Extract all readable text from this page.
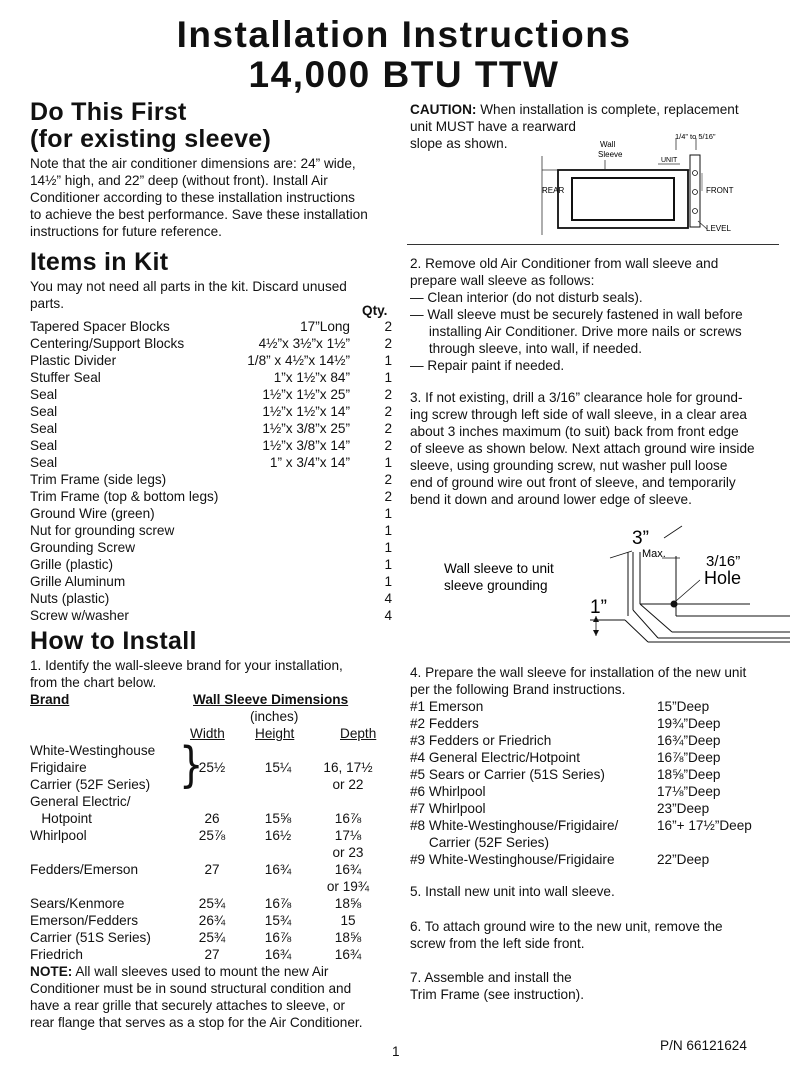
Installation Instructions
14,000 BTU TTW
Do This First
(for existing sleeve)
Note that the air conditioner dimensions are: 24” wide,
14½” high, and 22” deep (without front). Install Air
Conditioner according to these installation instructions
to achieve the best performance. Save these installation
instructions for future reference.
Items in Kit
You may not need all parts in the kit. Discard unused
parts.	Qty.
Tapered Spacer Blocks	17”Long	2
Centering/Support Blocks	4½”x 3½”x 1½”	2
Plastic Divider	1/8” x 4½”x 14½”	1
Stuffer Seal	1”x 1½”x 84”	1
Seal	1½”x 1½”x 25”	2
Seal	1½”x 1½”x 14”	2
Seal	1½”x 3/8”x 25”	2
Seal	1½”x 3/8”x 14”	2
Seal	1” x 3/4”x 14”	1
Trim Frame (side legs)	2
Trim Frame (top & bottom legs)	2
Ground Wire (green)	1
Nut for grounding screw	1
Grounding Screw	1
Grille (plastic)	1
Grille Aluminum	1
Nuts (plastic)	4
Screw w/washer	4
How to Install
1. Identify the wall-sleeve brand for your installation,
from the chart below.
Brand	Wall Sleeve Dimensions
(inches)
Width Height	Depth
White-Westinghouse
Frigidaire	25½	15¼	16, 17½
Carrier (52F Series)	or 22
}
General Electric/
Hotpoint	26	15⅝	16⅞
Whirlpool	25⅞	16½	17⅛
or 23
Fedders/Emerson	27	16¾	16¾
or 19¾
Sears/Kenmore	25¾	16⅞	18⅝
Emerson/Fedders	26¾	15¾	15
Carrier (51S Series)	25¾	16⅞	18⅝
Friedrich	27	16¾	16¾
NOTE: All wall sleeves used to mount the new Air
Conditioner must be in sound structural condition and
have a rear grille that securely attaches to sleeve, or
rear flange that serves as a stop for the Air Conditioner.
CAUTION: When installation is complete, replacement
unit MUST have a rearward
slope as shown.	1/4” to 5/16”
Wall
Sleeve
UNIT
REAR	FRONT
LEVEL
2. Remove old Air Conditioner from wall sleeve and
prepare wall sleeve as follows:
— Clean interior (do not disturb seals).
— Wall sleeve must be securely fastened in wall before
installing Air Conditioner. Drive more nails or screws
through sleeve, into wall, if needed.
— Repair paint if needed.
3. If not existing, drill a 3/16” clearance hole for ground-
ing screw through left side of wall sleeve, in a clear area
about 3 inches maximum (to suit) back from front edge
of sleeve as shown below. Next attach ground wire inside
sleeve, using grounding screw, nut washer pull loose
end of ground wire out front of sleeve, and temporarily
bend it down and around lower edge of sleeve.
Wall sleeve to unit
sleeve grounding
3”
Max.
1”
3/16”
Hole
4. Prepare the wall sleeve for installation of the new unit
per the following Brand instructions.
#1 Emerson	15”Deep
#2 Fedders	19¾”Deep
#3 Fedders or Friedrich	16¾”Deep
#4 General Electric/Hotpoint	16⅞”Deep
#5 Sears or Carrier (51S Series)	18⅝”Deep
#6 Whirlpool	17⅛”Deep
#7 Whirlpool	23”Deep
#8 White-Westinghouse/Frigidaire/	16”+ 17½”Deep
Carrier (52F Series)
#9 White-Westinghouse/Frigidaire	22”Deep
5. Install new unit into wall sleeve.
6. To attach ground wire to the new unit, remove the
screw from the left side front.
7. Assemble and install the
Trim Frame (see instruction).
1	P/N 66121624
